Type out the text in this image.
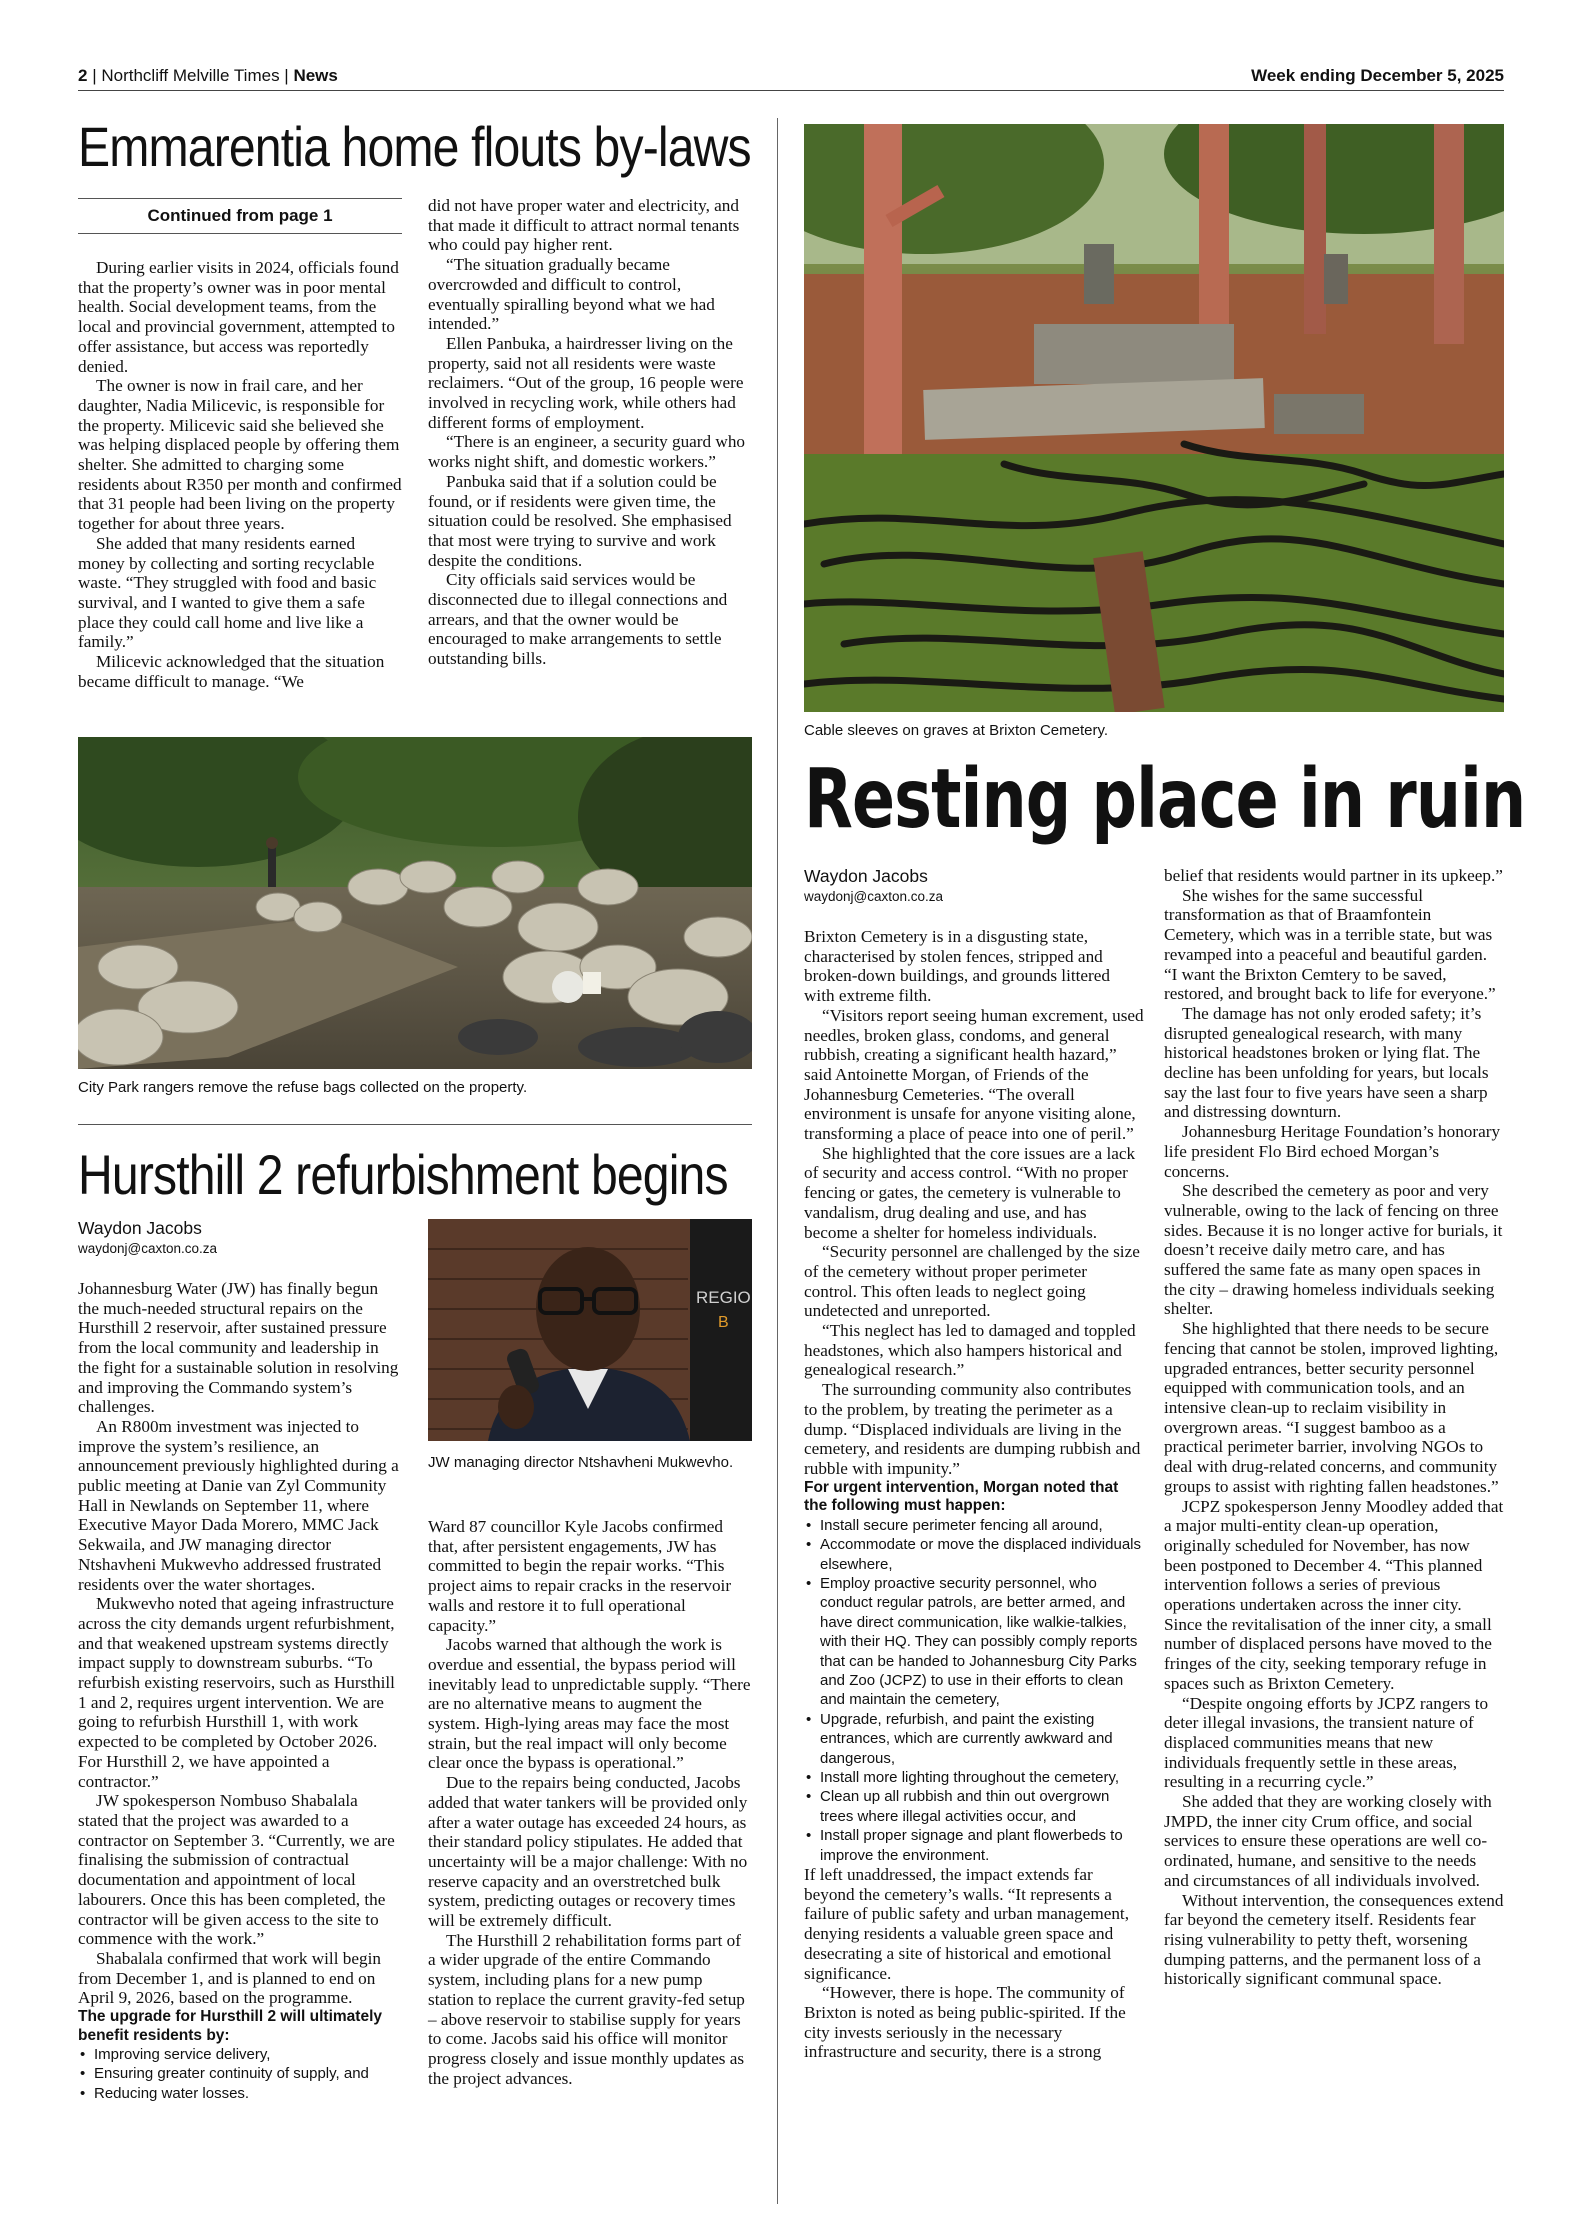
2 | Northcliff Melville Times | News	Week ending December 5, 2025
Emmarentia home flouts by-laws
Continued from page 1

During earlier visits in 2024, officials found that the property’s owner was in poor mental health. Social development teams, from the local and provincial government, attempted to offer assistance, but access was reportedly denied.

The owner is now in frail care, and her daughter, Nadia Milicevic, is responsible for the property. Milicevic said she believed she was helping displaced people by offering them shelter. She admitted to charging some residents about R350 per month and confirmed that 31 people had been living on the property together for about three years.

She added that many residents earned money by collecting and sorting recyclable waste. “They struggled with food and basic survival, and I wanted to give them a safe place they could call home and live like a family.”

Milicevic acknowledged that the situation became difficult to manage. “We

did not have proper water and electricity, and that made it difficult to attract normal tenants who could pay higher rent.

“The situation gradually became overcrowded and difficult to control, eventually spiralling beyond what we had intended.”

Ellen Panbuka, a hairdresser living on the property, said not all residents were waste reclaimers. “Out of the group, 16 people were involved in recycling work, while others had different forms of employment.

“There is an engineer, a security guard who works night shift, and domestic workers.”

Panbuka said that if a solution could be found, or if residents were given time, the situation could be resolved. She emphasised that most were trying to survive and work despite the conditions.

City officials said services would be disconnected due to illegal connections and arrears, and that the owner would be encouraged to make arrangements to settle outstanding bills.

City Park rangers remove the refuse bags collected on the property.
Hursthill 2 refurbishment begins
Waydon Jacobs
waydonj@caxton.co.za

Johannesburg Water (JW) has finally begun the much-needed structural repairs on the Hursthill 2 reservoir, after sustained pressure from the local community and leadership in the fight for a sustainable solution in resolving and improving the Commando system’s challenges.

An R800m investment was injected to improve the system’s resilience, an announcement previously highlighted during a public meeting at Danie van Zyl Community Hall in Newlands on September 11, where Executive Mayor Dada Morero, MMC Jack Sekwaila, and JW managing director Ntshavheni Mukwevho addressed frustrated residents over the water shortages.

Mukwevho noted that ageing infrastructure across the city demands urgent refurbishment, and that weakened upstream systems directly impact supply to downstream suburbs. “To refurbish existing reservoirs, such as Hursthill 1 and 2, requires urgent intervention. We are going to refurbish Hursthill 1, with work expected to be completed by October 2026. For Hursthill 2, we have appointed a contractor.”

JW spokesperson Nombuso Shabalala stated that the project was awarded to a contractor on September 3. “Currently, we are finalising the submission of contractual documentation and appointment of local labourers. Once this has been completed, the contractor will be given access to the site to commence with the work.”

Shabalala confirmed that work will begin from December 1, and is planned to end on April 9, 2026, based on the programme.

The upgrade for Hursthill 2 will ultimately benefit residents by:

• Improving service delivery,
• Ensuring greater continuity of supply, and
• Reducing water losses.
REGIO
B
JW managing director Ntshavheni Mukwevho.

Ward 87 councillor Kyle Jacobs confirmed that, after persistent engagements, JW has committed to begin the repair works. “This project aims to repair cracks in the reservoir walls and restore it to full operational capacity.”

Jacobs warned that although the work is overdue and essential, the bypass period will inevitably lead to unpredictable supply. “There are no alternative means to augment the system. High-lying areas may face the most strain, but the real impact will only become clear once the bypass is operational.”

Due to the repairs being conducted, Jacobs added that water tankers will be provided only after a water outage has exceeded 24 hours, as their standard policy stipulates. He added that uncertainty will be a major challenge: With no reserve capacity and an overstretched bulk system, predicting outages or recovery times will be extremely difficult.

The Hursthill 2 rehabilitation forms part of a wider upgrade of the entire Commando system, including plans for a new pump station to replace the current gravity-fed setup – above reservoir to stabilise supply for years to come. Jacobs said his office will monitor progress closely and issue monthly updates as the project advances.

Cable sleeves on graves at Brixton Cemetery.
Resting place in ruin
Waydon Jacobs
waydonj@caxton.co.za

Brixton Cemetery is in a disgusting state, characterised by stolen fences, stripped and broken-down buildings, and grounds littered with extreme filth.

“Visitors report seeing human excrement, used needles, broken glass, condoms, and general rubbish, creating a significant health hazard,” said Antoinette Morgan, of Friends of the Johannesburg Cemeteries. “The overall environment is unsafe for anyone visiting alone, transforming a place of peace into one of peril.”

She highlighted that the core issues are a lack of security and access control. “With no proper fencing or gates, the cemetery is vulnerable to vandalism, drug dealing and use, and has become a shelter for homeless individuals.

“Security personnel are challenged by the size of the cemetery without proper perimeter control. This often leads to neglect going undetected and unreported.

“This neglect has led to damaged and toppled headstones, which also hampers historical and genealogical research.”

The surrounding community also contributes to the problem, by treating the perimeter as a dump. “Displaced individuals are living in the cemetery, and residents are dumping rubbish and rubble with impunity.”

For urgent intervention, Morgan noted that the following must happen:

• Install secure perimeter fencing all around,
• Accommodate or move the displaced individuals elsewhere,
• Employ proactive security personnel, who conduct regular patrols, are better armed, and have direct communication, like walkie-talkies, with their HQ. They can possibly comply reports that can be handed to Johannesburg City Parks and Zoo (JCPZ) to use in their efforts to clean and maintain the cemetery,
• Upgrade, refurbish, and paint the existing entrances, which are currently awkward and dangerous,
• Install more lighting throughout the cemetery,
• Clean up all rubbish and thin out overgrown trees where illegal activities occur, and
• Install proper signage and plant flowerbeds to improve the environment.

If left unaddressed, the impact extends far beyond the cemetery’s walls. “It represents a failure of public safety and urban management, denying residents a valuable green space and desecrating a site of historical and emotional significance.

“However, there is hope. The community of Brixton is noted as being public-spirited. If the city invests seriously in the necessary infrastructure and security, there is a strong

belief that residents would partner in its upkeep.”

She wishes for the same successful transformation as that of Braamfontein Cemetery, which was in a terrible state, but was revamped into a peaceful and beautiful garden. “I want the Brixton Cemtery to be saved, restored, and brought back to life for everyone.”

The damage has not only eroded safety; it’s disrupted genealogical research, with many historical headstones broken or lying flat. The decline has been unfolding for years, but locals say the last four to five years have seen a sharp and distressing downturn.

Johannesburg Heritage Foundation’s honorary life president Flo Bird echoed Morgan’s concerns.

She described the cemetery as poor and very vulnerable, owing to the lack of fencing on three sides. Because it is no longer active for burials, it doesn’t receive daily metro care, and has suffered the same fate as many open spaces in the city – drawing homeless individuals seeking shelter.

She highlighted that there needs to be secure fencing that cannot be stolen, improved lighting, upgraded entrances, better security personnel equipped with communication tools, and an intensive clean-up to reclaim visibility in overgrown areas. “I suggest bamboo as a practical perimeter barrier, involving NGOs to deal with drug-related concerns, and community groups to assist with righting fallen headstones.”

JCPZ spokesperson Jenny Moodley added that a major multi-entity clean-up operation, originally scheduled for November, has now been postponed to December 4. “This planned intervention follows a series of previous operations undertaken across the inner city. Since the revitalisation of the inner city, a small number of displaced persons have moved to the fringes of the city, seeking temporary refuge in spaces such as Brixton Cemetery.

“Despite ongoing efforts by JCPZ rangers to deter illegal invasions, the transient nature of displaced communities means that new individuals frequently settle in these areas, resulting in a recurring cycle.”

She added that they are working closely with JMPD, the inner city Crum office, and social services to ensure these operations are well co-ordinated, humane, and sensitive to the needs and circumstances of all individuals involved.

Without intervention, the consequences extend far beyond the cemetery itself. Residents fear rising vulnerability to petty theft, worsening dumping patterns, and the permanent loss of a historically significant communal space.
